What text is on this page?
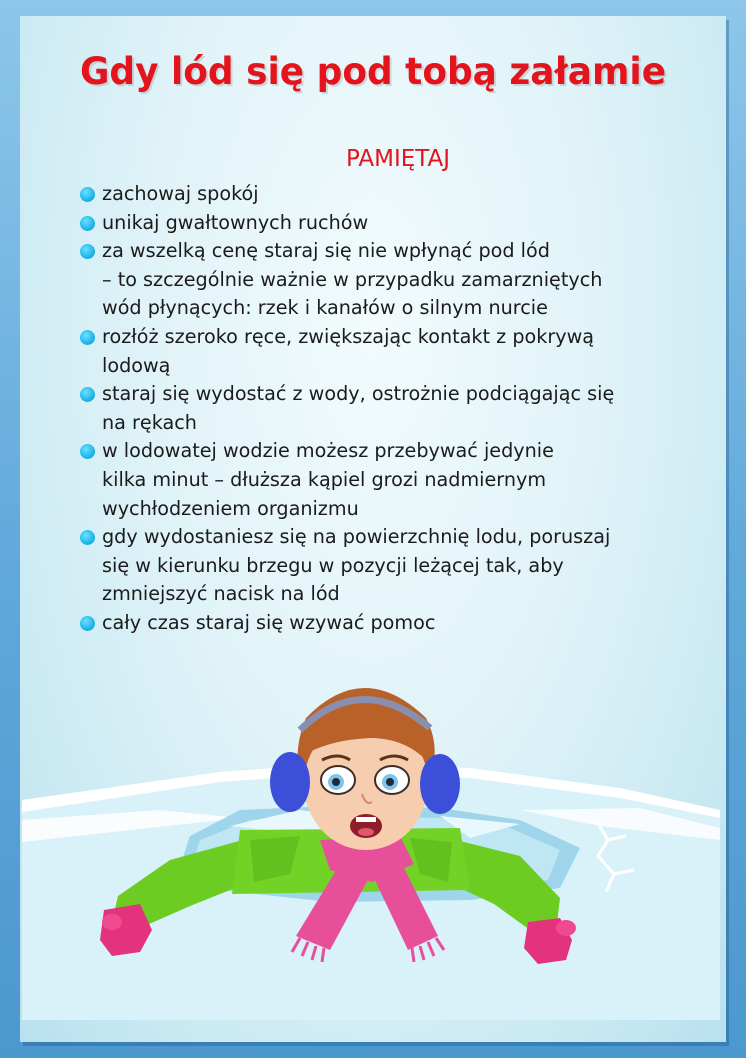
Gdy lód się pod tobą załamie
PAMIĘTAJ
zachowaj spokój
unikaj gwałtownych ruchów
za wszelką cenę staraj się nie wpłynąć pod lód
– to szczególnie ważnie w przypadku zamarzniętych
wód płynących: rzek i kanałów o silnym nurcie
rozłóż szeroko ręce, zwiększając kontakt z pokrywą
lodową
staraj się wydostać z wody, ostrożnie podciągając się
na rękach
w lodowatej wodzie możesz przebywać jedynie
kilka minut – dłuższa kąpiel grozi nadmiernym
wychłodzeniem organizmu
gdy wydostaniesz się na powierzchnię lodu, poruszaj
się w kierunku brzegu w pozycji leżącej tak, aby
zmniejszyć nacisk na lód
cały czas staraj się wzywać pomoc
